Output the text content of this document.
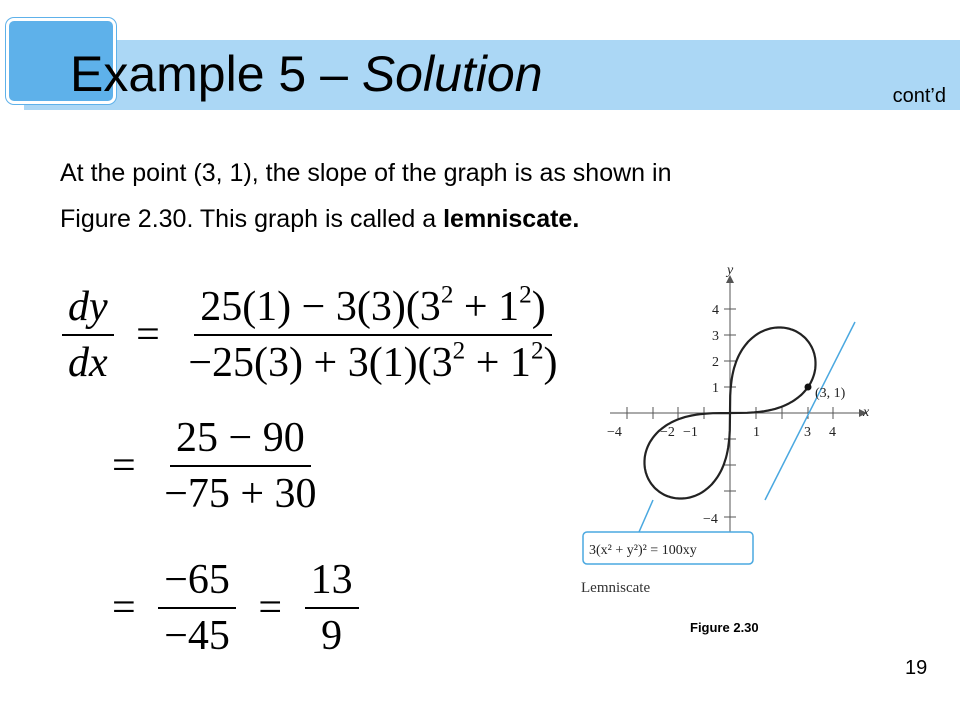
Example 5 – Solution	cont’d
At the point (3, 1), the slope of the graph is as shown in
Figure 2.30. This graph is called a lemniscate.
$\frac{dy}{dx} = \frac{25(1) - 3(3)(3^2 + 1^2)}{-25(3) + 3(1)(3^2 + 1^2)}$
= $\frac{25 - 90}{-75 + 30}$
= $\frac{-65}{-45} = \frac{13}{9}$
−4	−2 −1	1	3 4
4
3
2
1
−4
x
y
(3, 1)
3(x² + y²)² = 100xy
Lemniscate
Figure 2.30
19
